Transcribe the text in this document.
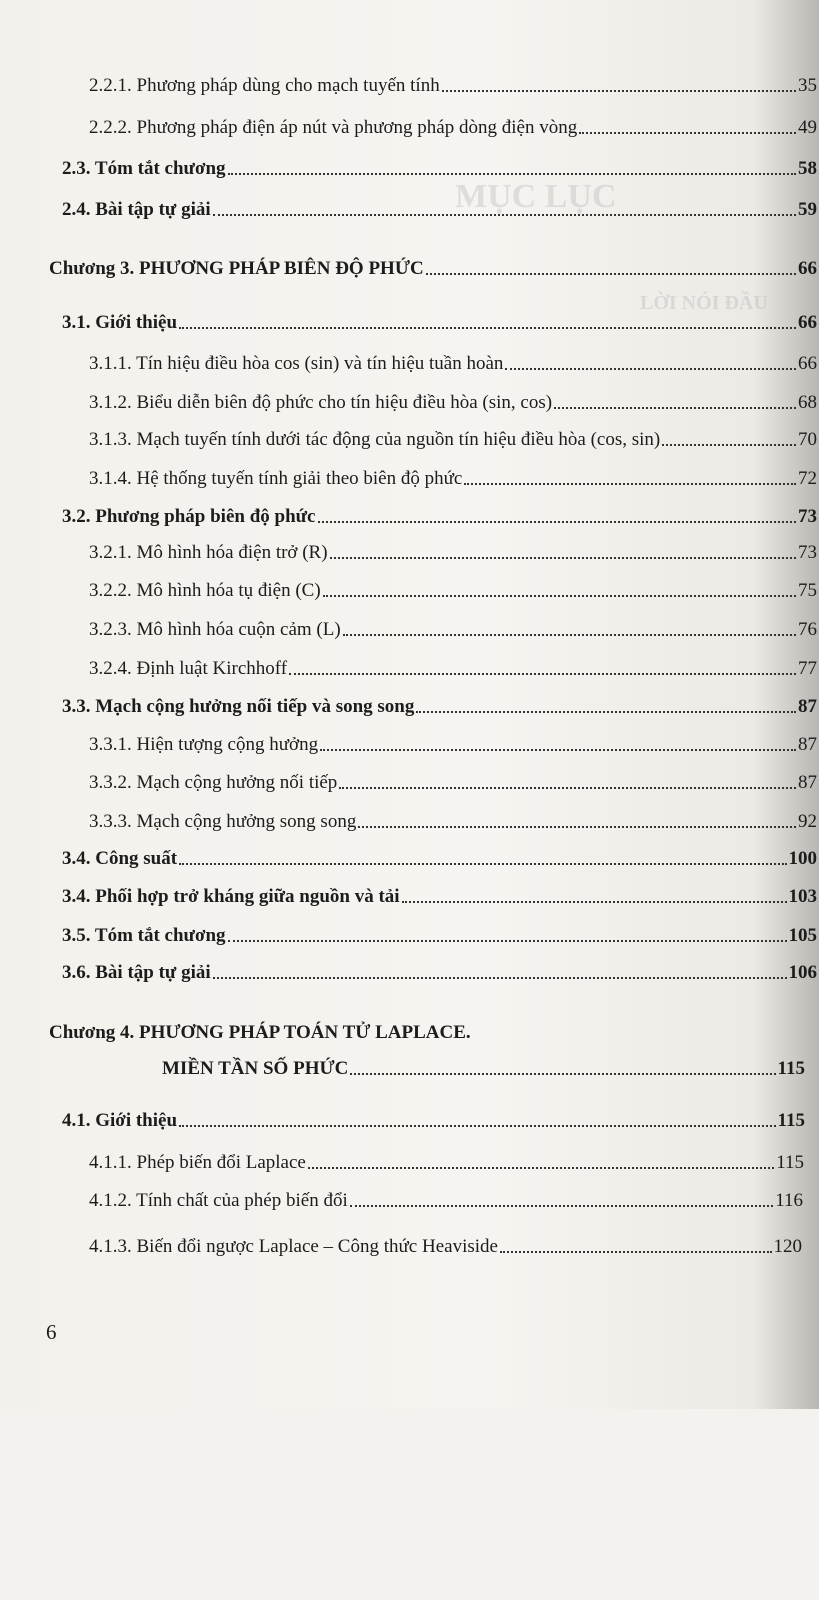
MỤC LỤC
LỜI NÓI ĐẦU
2.2.1. Phương pháp dùng cho mạch tuyến tính	35
2.2.2. Phương pháp điện áp nút và phương pháp dòng điện vòng	49
2.3. Tóm tắt chương	58
2.4. Bài tập tự giải	59
Chương 3. PHƯƠNG PHÁP BIÊN ĐỘ PHỨC	66
3.1. Giới thiệu	66
3.1.1. Tín hiệu điều hòa cos (sin) và tín hiệu tuần hoàn	66
3.1.2. Biểu diễn biên độ phức cho tín hiệu điều hòa (sin, cos)	68
3.1.3. Mạch tuyến tính dưới tác động của nguồn tín hiệu điều hòa (cos, sin)	70
3.1.4. Hệ thống tuyến tính giải theo biên độ phức	72
3.2. Phương pháp biên độ phức	73
3.2.1. Mô hình hóa điện trở (R)	73
3.2.2. Mô hình hóa tụ điện (C)	75
3.2.3. Mô hình hóa cuộn cảm (L)	76
3.2.4. Định luật Kirchhoff	77
3.3. Mạch cộng hưởng nối tiếp và song song	87
3.3.1. Hiện tượng cộng hưởng	87
3.3.2. Mạch cộng hưởng nối tiếp	87
3.3.3. Mạch cộng hưởng song song	92
3.4. Công suất	100
3.4. Phối hợp trở kháng giữa nguồn và tải	103
3.5. Tóm tắt chương	105
3.6. Bài tập tự giải	106
Chương 4. PHƯƠNG PHÁP TOÁN TỬ LAPLACE.
MIỀN TẦN SỐ PHỨC	115
4.1. Giới thiệu	115
4.1.1. Phép biến đổi Laplace	115
4.1.2. Tính chất của phép biến đổi	116
4.1.3. Biến đổi ngược Laplace – Công thức Heaviside	120
6
